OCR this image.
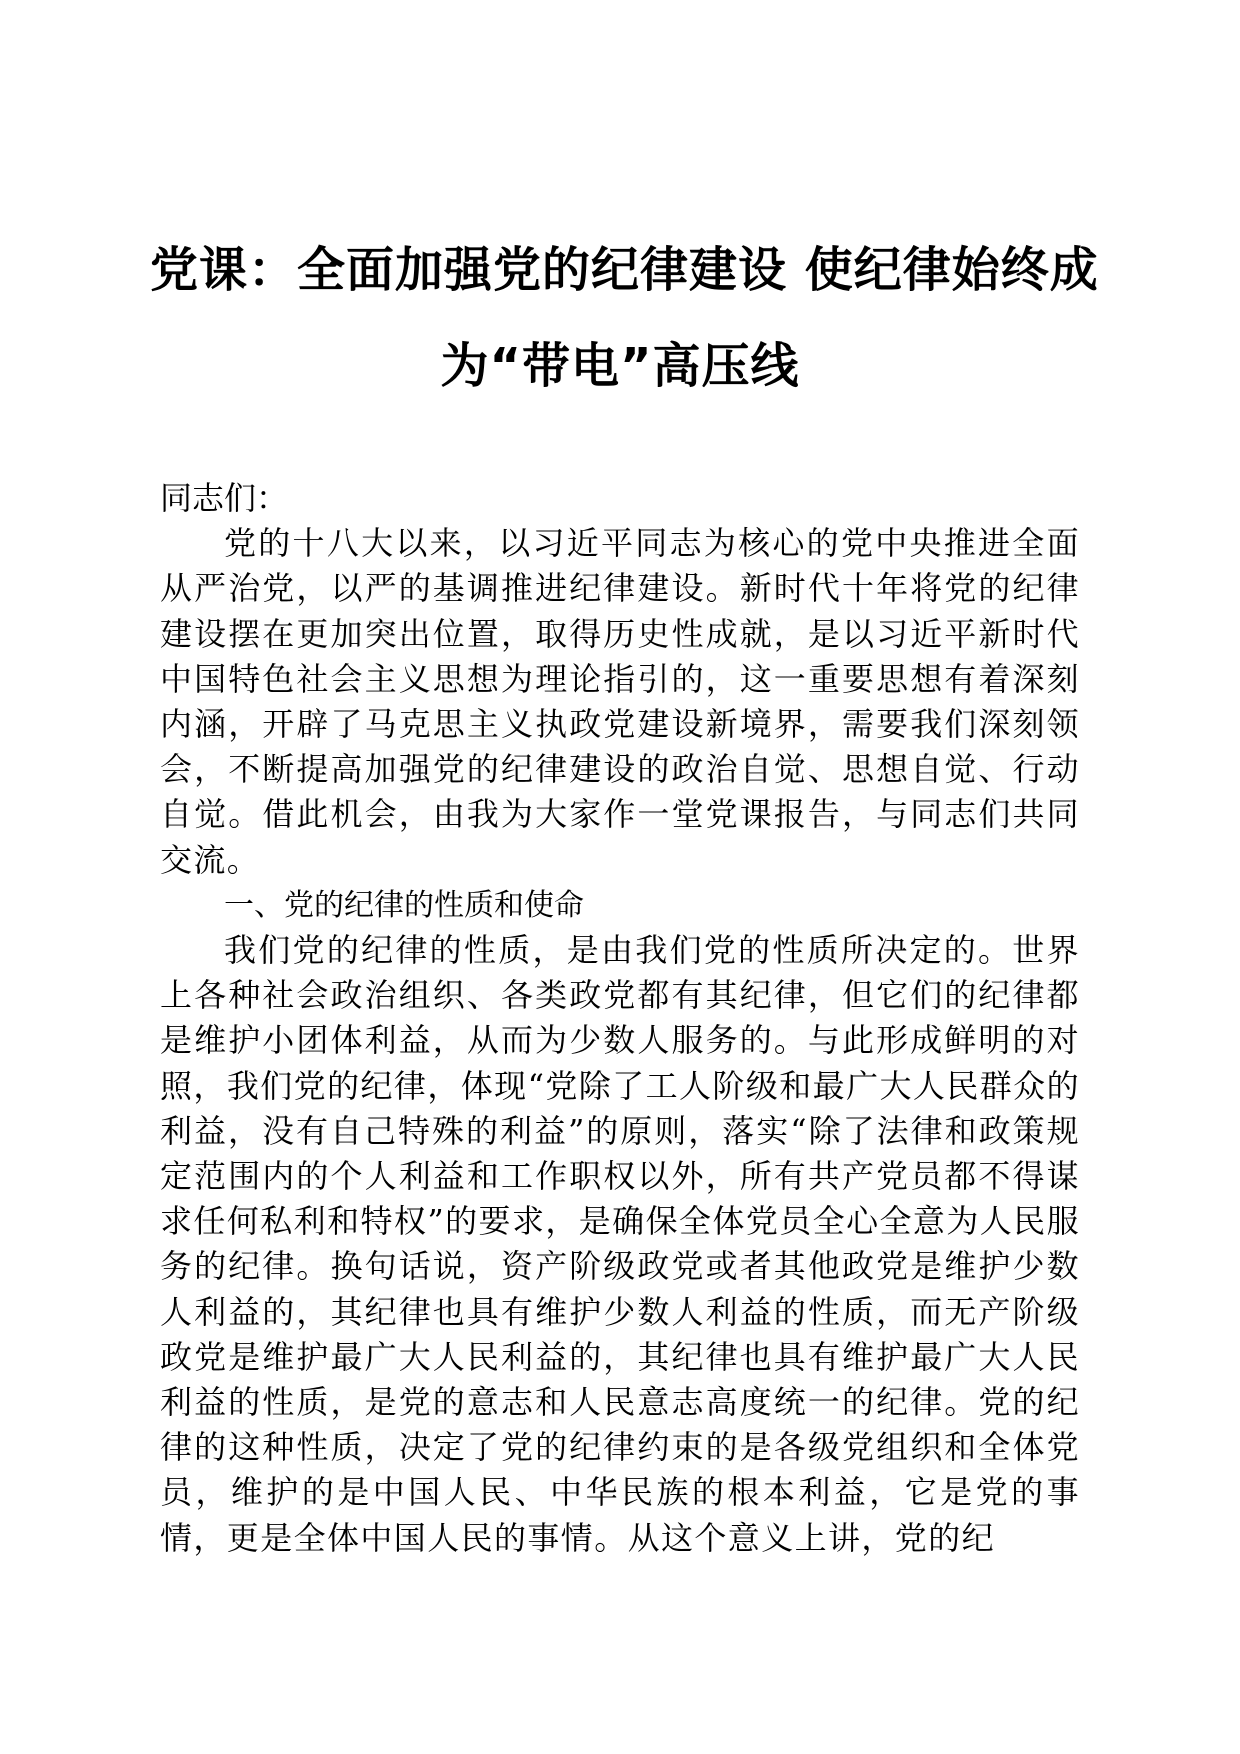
党课：全面加强党的纪律建设 使纪律始终成
为“带电”高压线
同志们：

党的十八大以来，以习近平同志为核心的党中央推进全面从严治党，以严的基调推进纪律建设。新时代十年将党的纪律建设摆在更加突出位置，取得历史性成就，是以习近平新时代中国特色社会主义思想为理论指引的，这一重要思想有着深刻内涵，开辟了马克思主义执政党建设新境界，需要我们深刻领会，不断提高加强党的纪律建设的政治自觉、思想自觉、行动自觉。借此机会，由我为大家作一堂党课报告，与同志们共同交流。

一、党的纪律的性质和使命

我们党的纪律的性质，是由我们党的性质所决定的。世界上各种社会政治组织、各类政党都有其纪律，但它们的纪律都是维护小团体利益，从而为少数人服务的。与此形成鲜明的对照，我们党的纪律，体现“党除了工人阶级和最广大人民群众的利益，没有自己特殊的利益”的原则，落实“除了法律和政策规定范围内的个人利益和工作职权以外，所有共产党员都不得谋求任何私利和特权”的要求，是确保全体党员全心全意为人民服务的纪律。换句话说，资产阶级政党或者其他政党是维护少数人利益的，其纪律也具有维护少数人利益的性质，而无产阶级政党是维护最广大人民利益的，其纪律也具有维护最广大人民利益的性质，是党的意志和人民意志高度统一的纪律。党的纪律的这种性质，决定了党的纪律约束的是各级党组织和全体党员，维护的是中国人民、中华民族的根本利益，它是党的事情，更是全体中国人民的事情。从这个意义上讲，党的纪
